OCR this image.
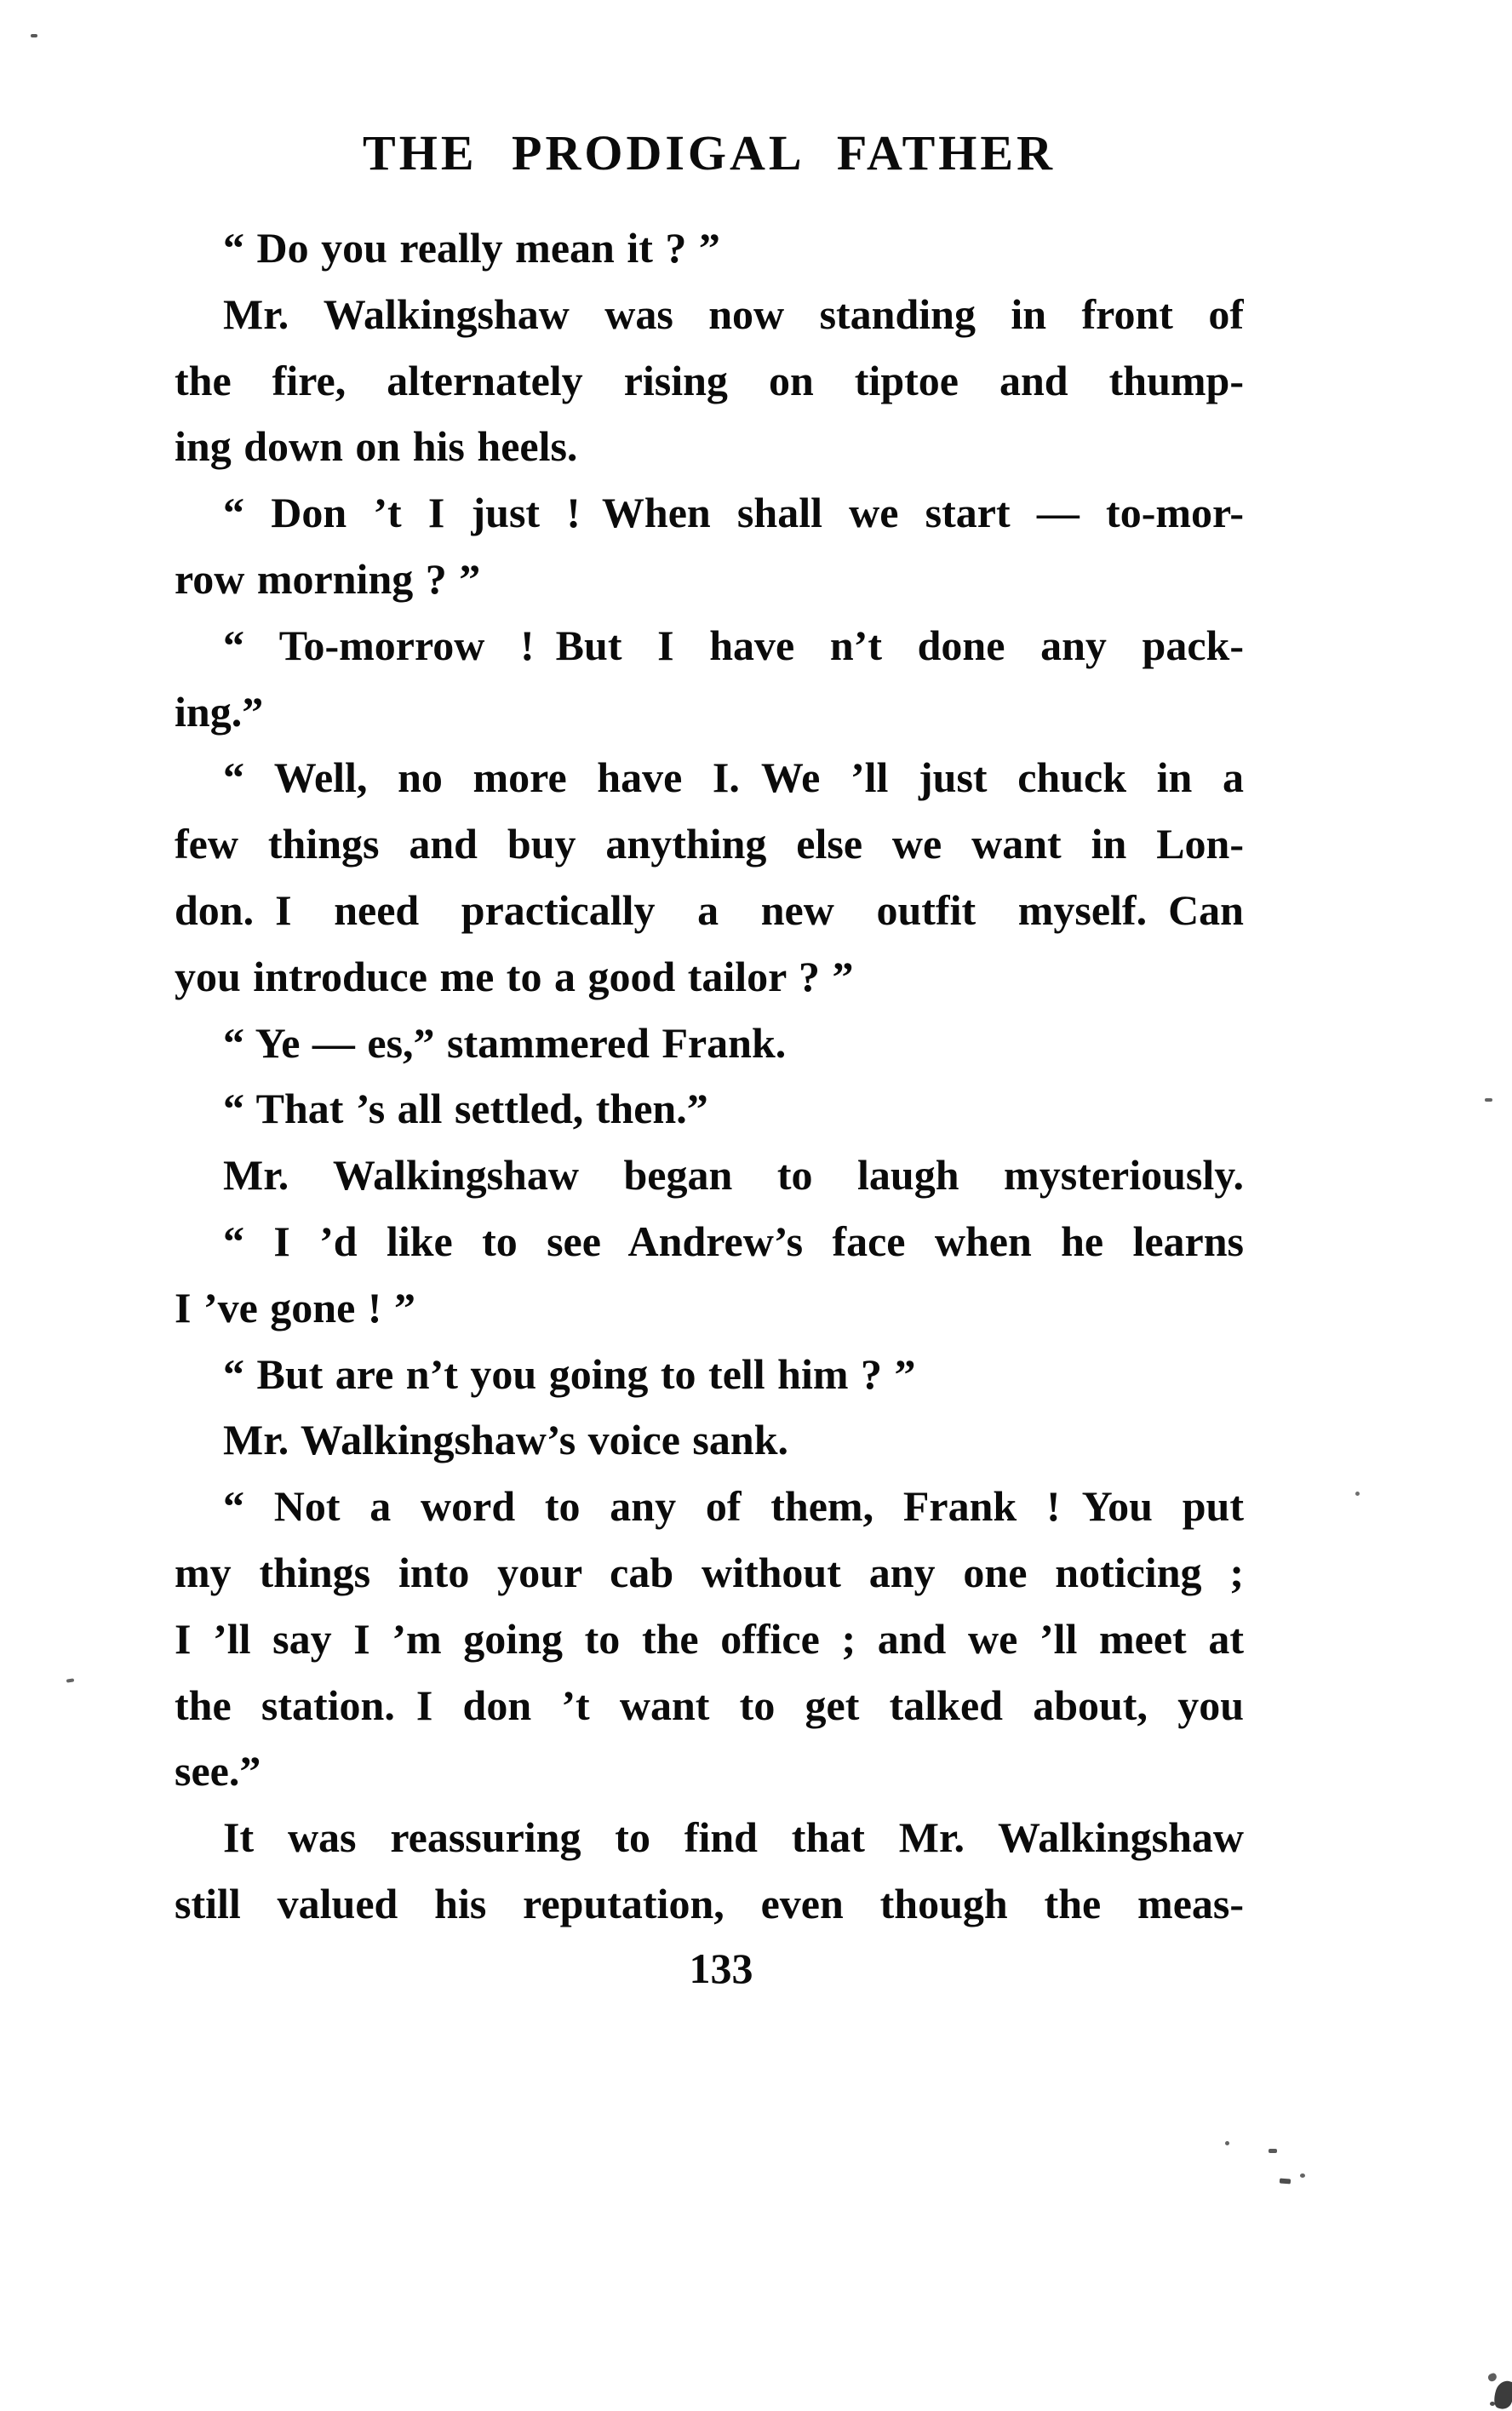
THE PRODIGAL FATHER
“ Do you really mean it ? ”
Mr. Walkingshaw was now standing in front of
the fire, alternately rising on tiptoe and thump-
ing down on his heels.
“ Don ’t I just ! When shall we start — to-mor-
row morning ? ”
“ To-morrow ! But I have n’t done any pack-
ing.”
“ Well, no more have I. We ’ll just chuck in a
few things and buy anything else we want in Lon-
don. I need practically a new outfit myself. Can
you introduce me to a good tailor ? ”
“ Ye — es,” stammered Frank.
“ That ’s all settled, then.”
Mr. Walkingshaw began to laugh mysteriously.
“ I ’d like to see Andrew’s face when he learns
I ’ve gone ! ”
“ But are n’t you going to tell him ? ”
Mr. Walkingshaw’s voice sank.
“ Not a word to any of them, Frank ! You put
my things into your cab without any one noticing ;
I ’ll say I ’m going to the office ; and we ’ll meet at
the station. I don ’t want to get talked about, you
see.”
It was reassuring to find that Mr. Walkingshaw
still valued his reputation, even though the meas-
133
